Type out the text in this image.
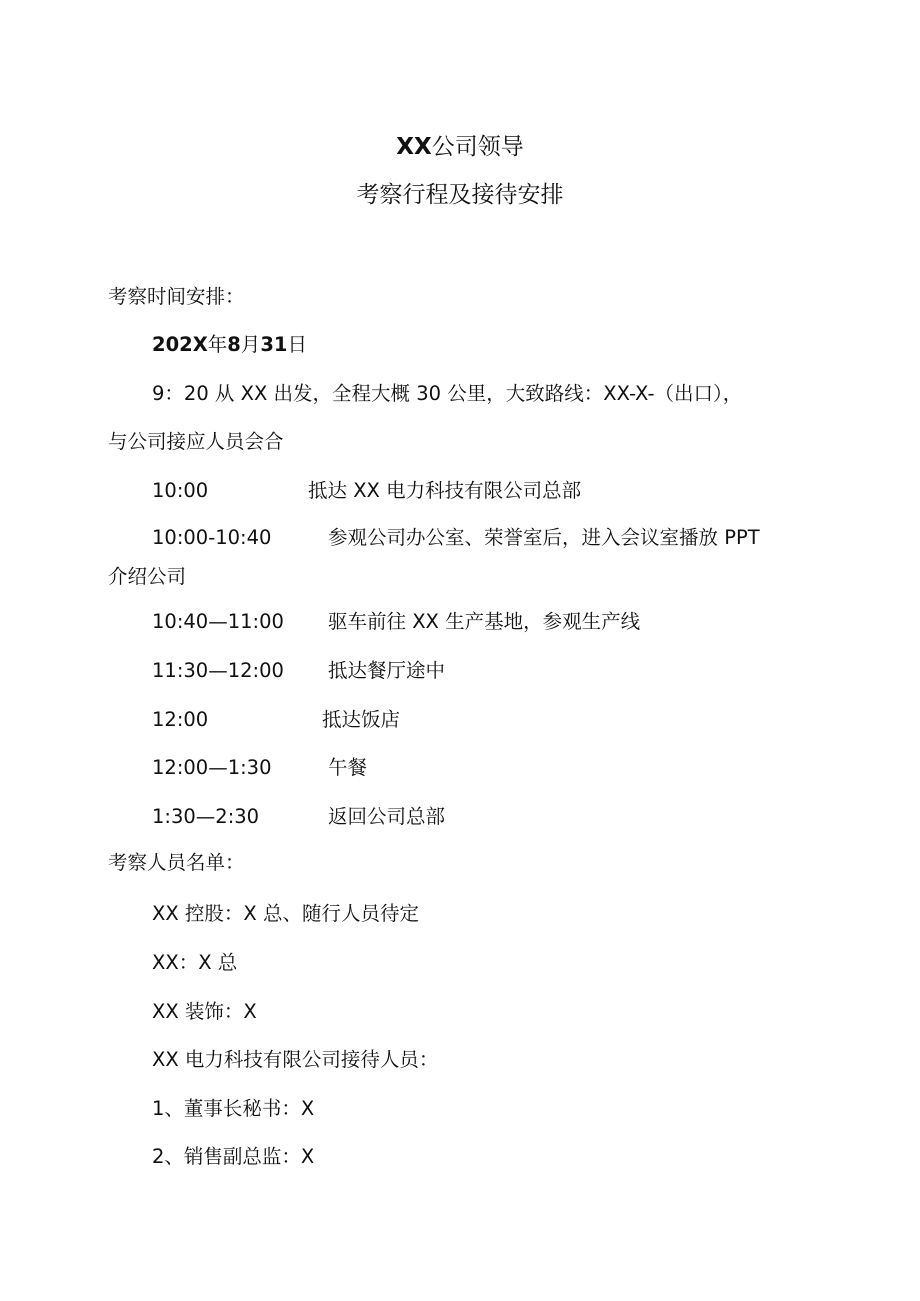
XX公司领导
考察行程及接待安排
考察时间安排：
202X年8月31日
9：20 从 XX 出发，全程大概 30 公里，大致路线：XX-X-（出口），
与公司接应人员会合
10:00	抵达 XX 电力科技有限公司总部
10:00-10:40	参观公司办公室、荣誉室后，进入会议室播放 PPT
介绍公司
10:40—11:00 驱车前往 XX 生产基地，参观生产线
11:30—12:00 抵达餐厅途中
12:00	抵达饭店
12:00—1:30	午餐
1:30—2:30	返回公司总部
考察人员名单：
XX 控股：X 总、随行人员待定
XX：X 总
XX 装饰：X
XX 电力科技有限公司接待人员：
1、董事长秘书：X
2、销售副总监：X
